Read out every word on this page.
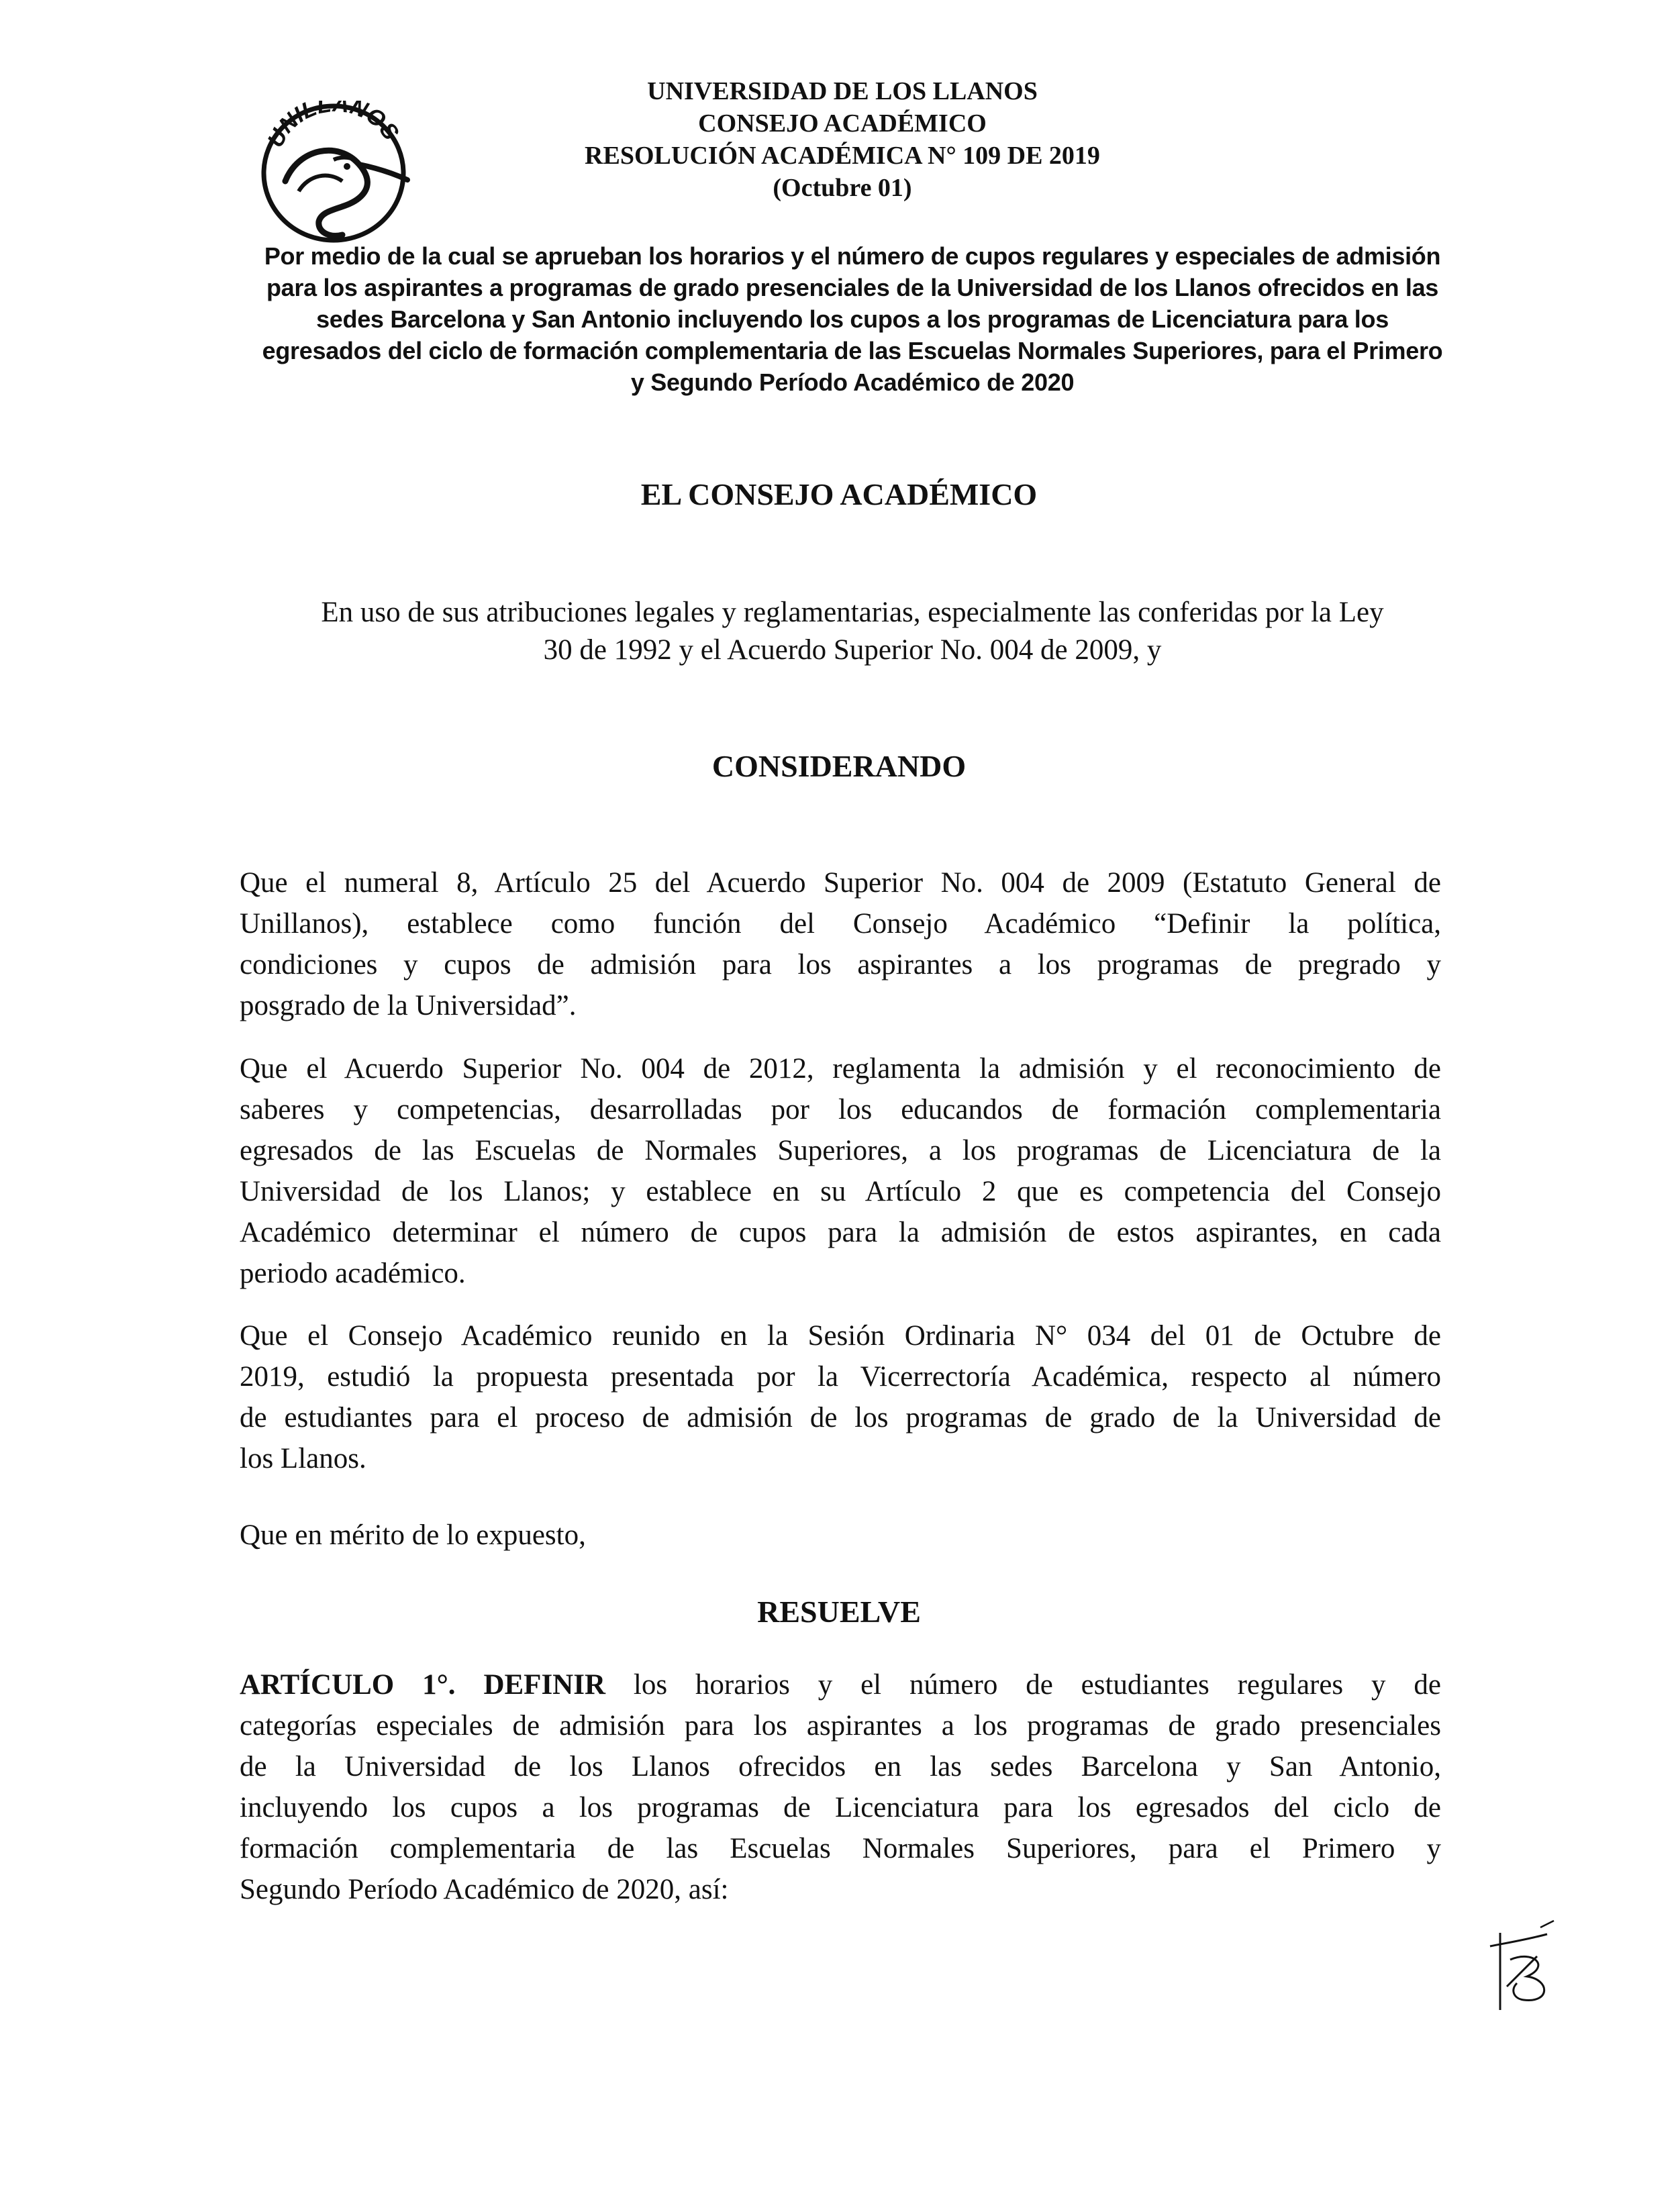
UNILLANOS
UNIVERSIDAD DE LOS LLANOS
CONSEJO ACADÉMICO
RESOLUCIÓN ACADÉMICA N° 109 DE 2019
(Octubre 01)
Por medio de la cual se aprueban los horarios y el número de cupos regulares y especiales de admisión
para los aspirantes a programas de grado presenciales de la Universidad de los Llanos ofrecidos en las
sedes Barcelona y San Antonio incluyendo los cupos a los programas de Licenciatura para los
egresados del ciclo de formación complementaria de las Escuelas Normales Superiores, para el Primero
y Segundo Período Académico de 2020
EL CONSEJO ACADÉMICO
En uso de sus atribuciones legales y reglamentarias, especialmente las conferidas por la Ley
30 de 1992 y el Acuerdo Superior No. 004 de 2009, y
CONSIDERANDO
Que el numeral 8, Artículo 25 del Acuerdo Superior No. 004 de 2009 (Estatuto General de
Unillanos), establece como función del Consejo Académico “Definir la política,
condiciones y cupos de admisión para los aspirantes a los programas de pregrado y
posgrado de la Universidad”.
Que el Acuerdo Superior No. 004 de 2012, reglamenta la admisión y el reconocimiento de
saberes y competencias, desarrolladas por los educandos de formación complementaria
egresados de las Escuelas de Normales Superiores, a los programas de Licenciatura de la
Universidad de los Llanos; y establece en su Artículo 2 que es competencia del Consejo
Académico determinar el número de cupos para la admisión de estos aspirantes, en cada
periodo académico.
Que el Consejo Académico reunido en la Sesión Ordinaria N° 034 del 01 de Octubre de
2019, estudió la propuesta presentada por la Vicerrectoría Académica, respecto al número
de estudiantes para el proceso de admisión de los programas de grado de la Universidad de
los Llanos.
Que en mérito de lo expuesto,
RESUELVE
ARTÍCULO 1°. DEFINIR los horarios y el número de estudiantes regulares y de
categorías especiales de admisión para los aspirantes a los programas de grado presenciales
de la Universidad de los Llanos ofrecidos en las sedes Barcelona y San Antonio,
incluyendo los cupos a los programas de Licenciatura para los egresados del ciclo de
formación complementaria de las Escuelas Normales Superiores, para el Primero y
Segundo Período Académico de 2020, así:
